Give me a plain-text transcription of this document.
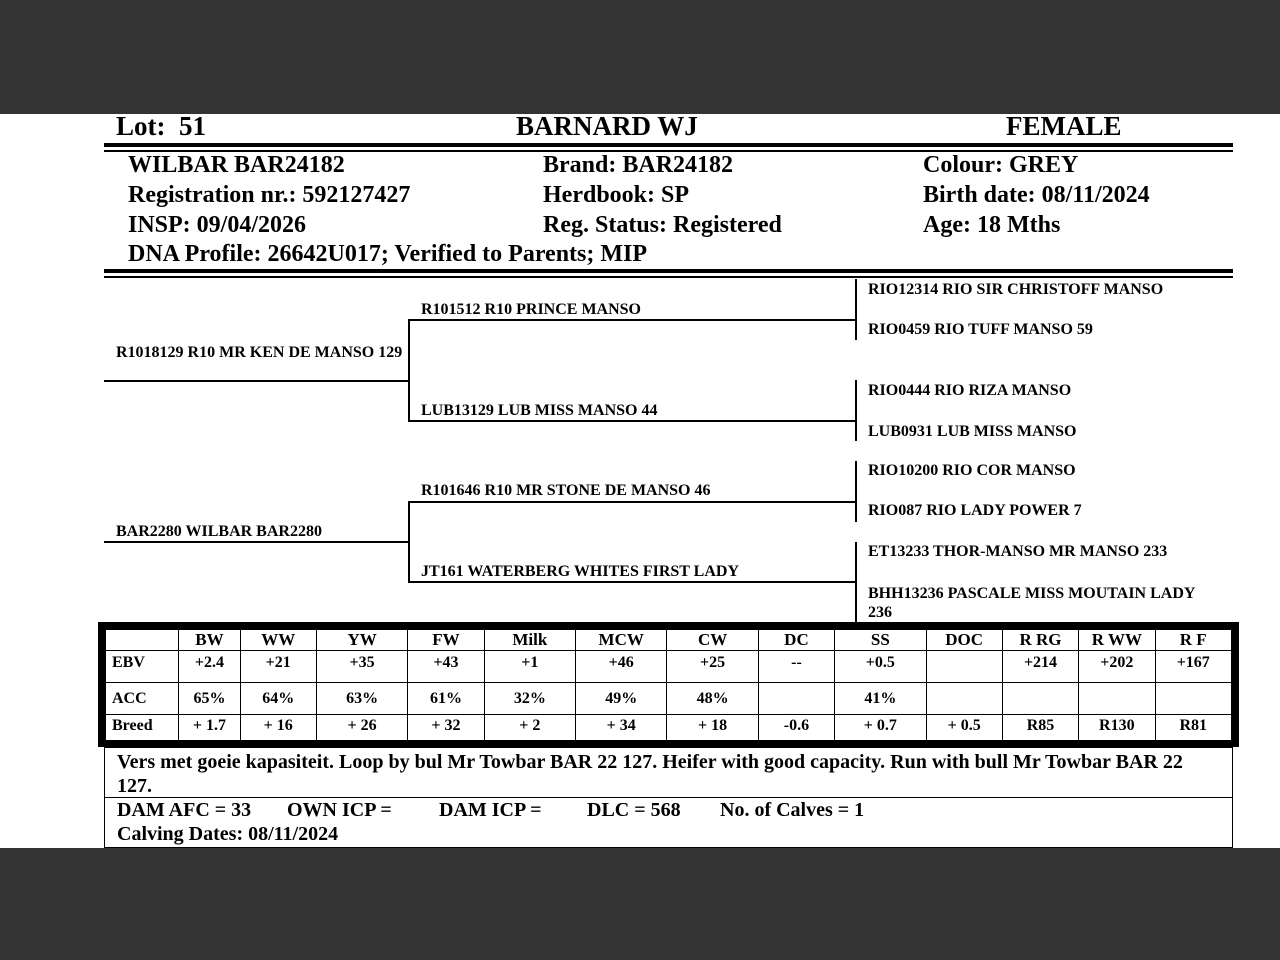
Lot: 51	BARNARD WJ	FEMALE
WILBAR BAR24182
Registration nr.: 592127427
INSP: 09/04/2026
DNA Profile: 26642U017; Verified to Parents; MIP
Brand: BAR24182
Herdbook: SP
Reg. Status: Registered
Colour: GREY
Birth date: 08/11/2024
Age: 18 Mths
R1018129 R10 MR KEN DE MANSO 129
BAR2280 WILBAR BAR2280
R101512 R10 PRINCE MANSO
LUB13129 LUB MISS MANSO 44
R101646 R10 MR STONE DE MANSO 46
JT161 WATERBERG WHITES FIRST LADY
RIO12314 RIO SIR CHRISTOFF MANSO
RIO0459 RIO TUFF MANSO 59
RIO0444 RIO RIZA MANSO
LUB0931 LUB MISS MANSO
RIO10200 RIO COR MANSO
RIO087 RIO LADY POWER 7
ET13233 THOR-MANSO MR MANSO 233
BHH13236 PASCALE MISS MOUTAIN LADY 236
	BW	WW	YW	FW	Milk	MCW	CW	DC	SS	DOC	R RG	R WW	R F
EBV	+2.4	+21	+35	+43	+1	+46	+25	--	+0.5		+214	+202	+167
ACC	65%	64%	63%	61%	32%	49%	48%		41%				
Breed	+ 1.7	+ 16	+ 26	+ 32	+ 2	+ 34	+ 18	-0.6	+ 0.7	+ 0.5	R85	R130	R81
Vers met goeie kapasiteit. Loop by bul Mr Towbar BAR 22 127. Heifer with good capacity. Run with bull Mr Towbar BAR 22 127.
DAM AFC = 33 OWN ICP = DAM ICP = DLC = 568 No. of Calves = 1
Calving Dates: 08/11/2024
